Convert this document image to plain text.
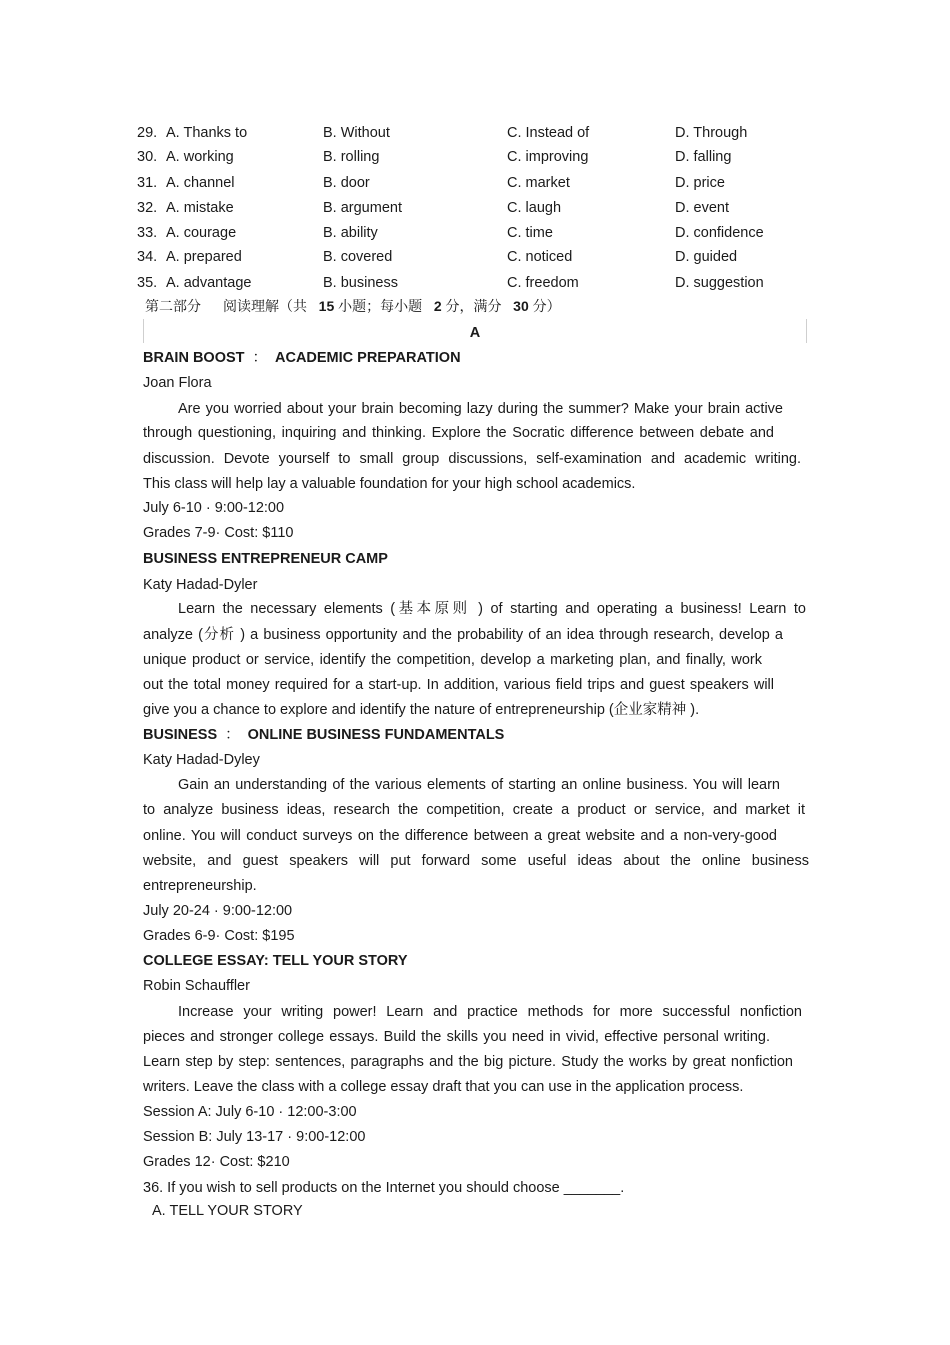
29. A. Thanks to	B. Without	C. Instead of	D. Through
30. A. working	B. rolling	C. improving	D. falling
31. A. channel	B. door	C. market	D. price
32. A. mistake	B. argument	C. laugh	D. event
33. A. courage	B. ability	C. time	D. confidence
34. A. prepared	B. covered	C. noticed	D. guided
35. A. advantage	B. business	C. freedom	D. suggestion
第二部分 阅读理解（共 15 小题；每小题 2 分，满分 30 分）
A
BRAIN BOOST ： ACADEMIC PREPARATION
Joan Flora
Are you worried about your brain becoming lazy during the summer? Make your brain active
through questioning, inquiring and thinking. Explore the Socratic difference between debate and
discussion. Devote yourself to small group discussions, self-examination and academic writing.
This class will help lay a valuable foundation for your high school academics.
July 6-10 · 9:00-12:00
Grades 7-9· Cost: $110
BUSINESS ENTREPRENEUR CAMP
Katy Hadad-Dyler
Learn the necessary elements (基本原则 ) of starting and operating a business! Learn to
analyze (分析 ) a business opportunity and the probability of an idea through research, develop a
unique product or service, identify the competition, develop a marketing plan, and finally, work
out the total money required for a start-up. In addition, various field trips and guest speakers will
give you a chance to explore and identify the nature of entrepreneurship (企业家精神 ).
BUSINESS ： ONLINE BUSINESS FUNDAMENTALS
Katy Hadad-Dyley
Gain an understanding of the various elements of starting an online business. You will learn
to analyze business ideas, research the competition, create a product or service, and market it
online. You will conduct surveys on the difference between a great website and a non-very-good
website, and guest speakers will put forward some useful ideas about the online business
entrepreneurship.
July 20-24 · 9:00-12:00
Grades 6-9· Cost: $195
COLLEGE ESSAY: TELL YOUR STORY
Robin Schauffler
Increase your writing power! Learn and practice methods for more successful nonfiction
pieces and stronger college essays. Build the skills you need in vivid, effective personal writing.
Learn step by step: sentences, paragraphs and the big picture. Study the works by great nonfiction
writers. Leave the class with a college essay draft that you can use in the application process.
Session A: July 6-10 · 12:00-3:00
Session B: July 13-17 · 9:00-12:00
Grades 12· Cost: $210
36. If you wish to sell products on the Internet you should choose _______.
A. TELL YOUR STORY
